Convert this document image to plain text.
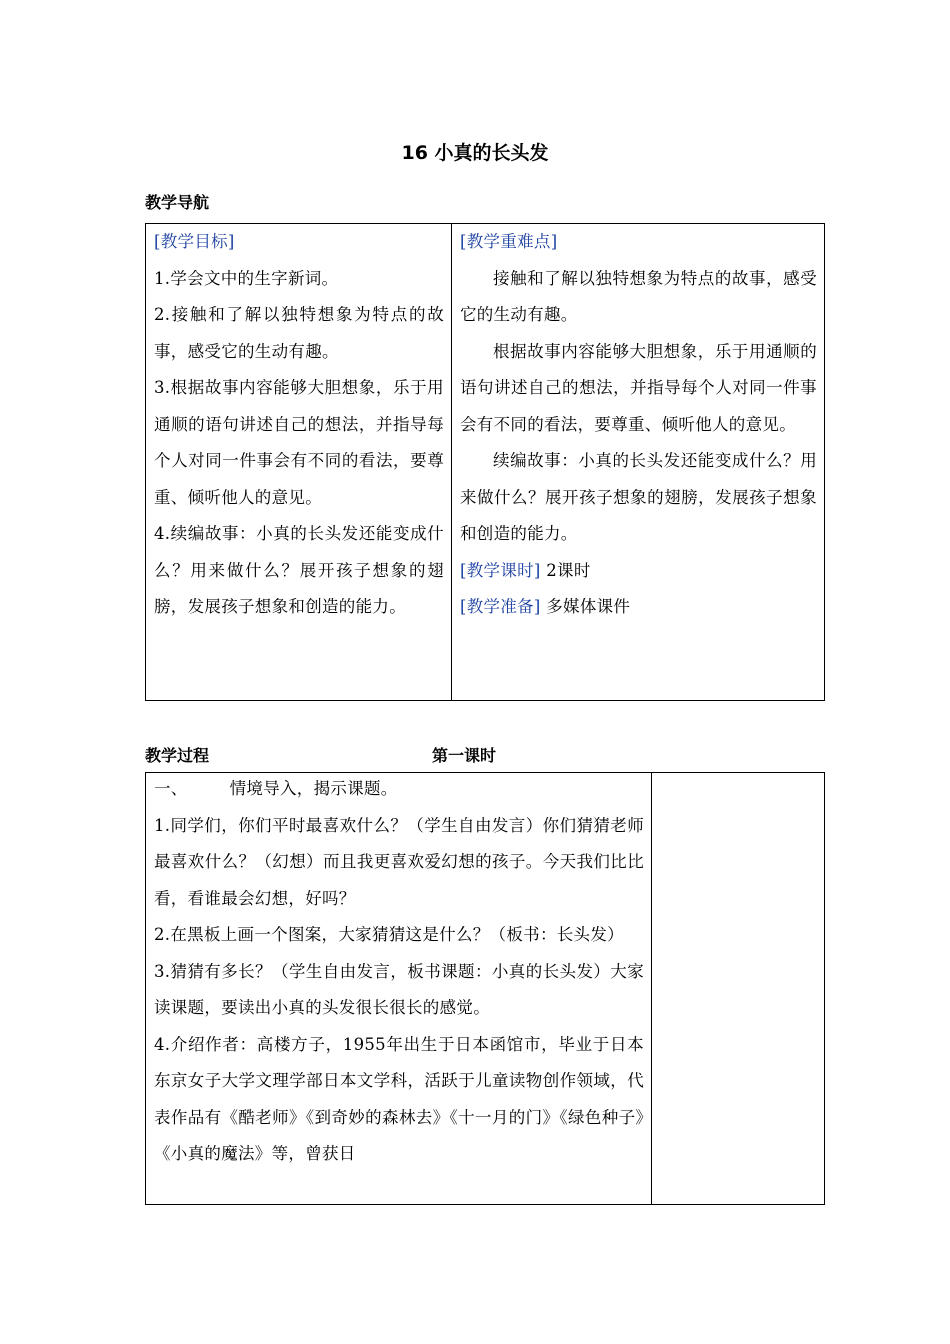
16 小真的长头发
教学导航

[教学目标]

1.学会文中的生字新词。

2.接触和了解以独特想象为特点的故事，感受它的生动有趣。

3.根据故事内容能够大胆想象，乐于用通顺的语句讲述自己的想法，并指导每个人对同一件事会有不同的看法，要尊重、倾听他人的意见。

4.续编故事：小真的长头发还能变成什么？用来做什么？展开孩子想象的翅膀，发展孩子想象和创造的能力。

[教学重难点]

接触和了解以独特想象为特点的故事，感受它的生动有趣。

根据故事内容能够大胆想象，乐于用通顺的语句讲述自己的想法，并指导每个人对同一件事会有不同的看法，要尊重、倾听他人的意见。

续编故事：小真的长头发还能变成什么？用来做什么？展开孩子想象的翅膀，发展孩子想象和创造的能力。

[教学课时] 2课时

[教学准备] 多媒体课件

教学过程	第一课时

一、	情境导入，揭示课题。

1.同学们，你们平时最喜欢什么？（学生自由发言）你们猜猜老师最喜欢什么？（幻想）而且我更喜欢爱幻想的孩子。今天我们比比看，看谁最会幻想，好吗？

2.在黑板上画一个图案，大家猜猜这是什么？（板书：长头发）

3.猜猜有多长？（学生自由发言，板书课题：小真的长头发）大家读课题，要读出小真的头发很长很长的感觉。

4.介绍作者：高楼方子，1955年出生于日本函馆市，毕业于日本东京女子大学文理学部日本文学科，活跃于儿童读物创作领域，代表作品有《酷老师》《到奇妙的森林去》《十一月的门》《绿色种子》《小真的魔法》等，曾获日
